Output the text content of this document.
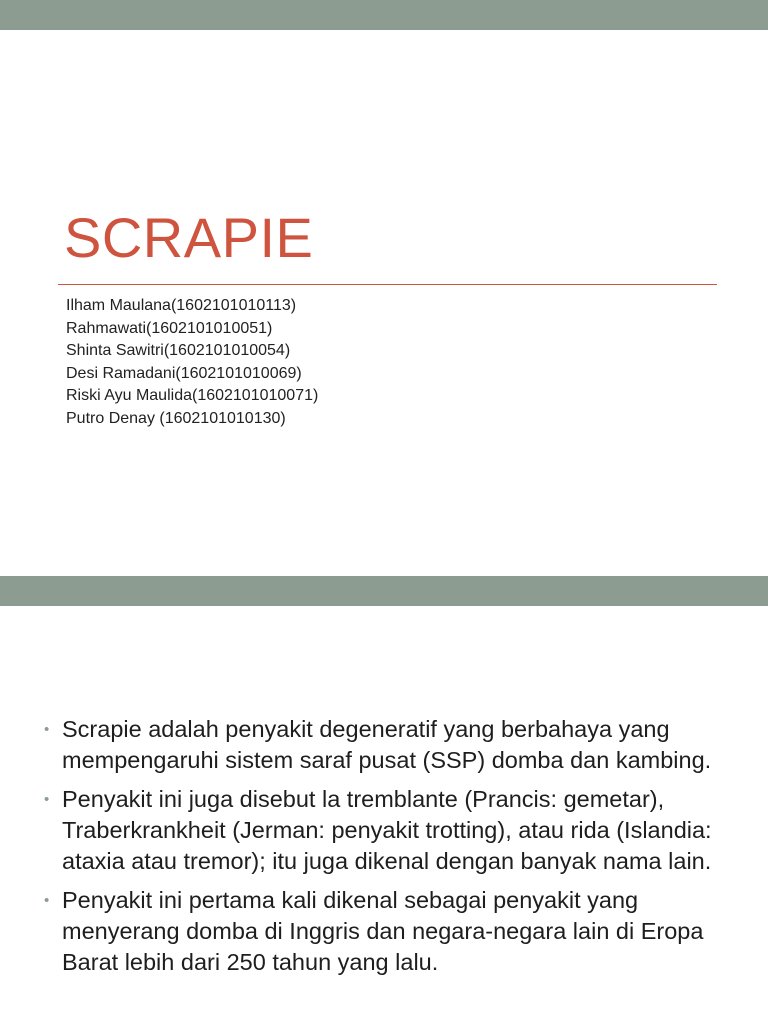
SCRAPIE
Ilham Maulana(1602101010113)
Rahmawati(1602101010051)
Shinta Sawitri(1602101010054)
Desi Ramadani(1602101010069)
Riski Ayu Maulida(1602101010071)
Putro Denay (1602101010130)
• Scrapie adalah penyakit degeneratif yang berbahaya yang mempengaruhi sistem saraf pusat (SSP) domba dan kambing.
• Penyakit ini juga disebut la tremblante (Prancis: gemetar), Traberkrankheit (Jerman: penyakit trotting), atau rida (Islandia: ataxia atau tremor); itu juga dikenal dengan banyak nama lain.
• Penyakit ini pertama kali dikenal sebagai penyakit yang menyerang domba di Inggris dan negara-negara lain di Eropa Barat lebih dari 250 tahun yang lalu.
